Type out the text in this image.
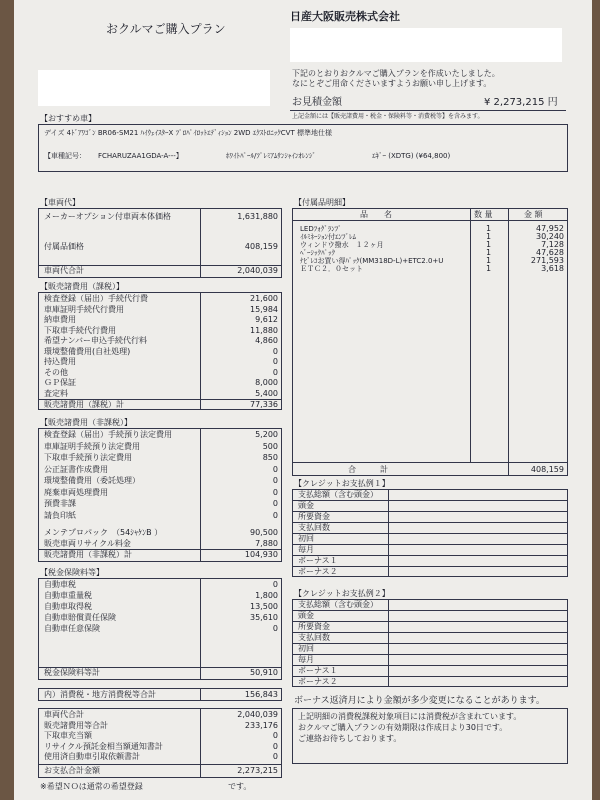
おクルマご購入プラン
日産大阪販売株式会社
下記のとおりおクルマご購入プランを作成いたしました。
なにとぞご用命くださいますようお願い申し上げます。
お見積金額	¥ 2,273,215 円
上記金額には【販売諸費用・税金・保険料等・消費税等】を含みます。
【おすすめ車】
デイズ 4ﾄﾞｱﾜｺﾞﾝ BR06-SM21 ﾊｲｳｪｲｽﾀｰX ﾌﾟﾛﾊﾟｲﾛｯﾄｴﾃﾞｨｼｮﾝ 2WD ｴｸｽﾄﾛﾆｯｸCVT 標準地仕様
【車種記号： FCHARUZAA1GDA-A---】	ﾎﾜｲﾄﾊﾟｰﾙ/ﾌﾟﾚﾐｱﾑｻﾝｼｬｲﾝｵﾚﾝｼﾞ	ｴｷﾞｰ (XDTG) (¥64,800)
【車両代】
メーカーオプション付車両本体価格	1,631,880
付属品価格	408,159
車両代合計	2,040,039
【販売諸費用（課税）】
検査登録（届出）手続代行費	21,600
車庫証明手続代行費用	15,984
納車費用	9,612
下取車手続代行費用	11,880
希望ナンバー申込手続代行料	4,860
環境整備費用(自社処理)	0
持込費用	0
その他	0
ＧＰ保証	8,000
査定料	5,400
販売諸費用（課税）計	77,336
【販売諸費用（非課税）】
検査登録（届出）手続預り法定費用	5,200
車庫証明手続預り法定費用	500
下取車手続預り法定費用	850
公正証書作成費用	0
環境整備費用（委託処理）	0
廃棄車両処理費用	0
預費非課	0
請負印紙	0
メンテプロパック　（54ｼｬｹﾝB ）	90,500
販売車両リサイクル料金	7,880
販売諸費用（非課税）計	104,930
【税金保険料等】
自動車税	0
自動車重量税	1,800
自動車取得税	13,500
自動車賠償責任保険	35,610
自動車任意保険	0
税金保険料等計	50,910
内）消費税・地方消費税等合計	156,843
車両代合計	2,040,039
販売諸費用等合計	233,176
下取車充当額	0
リサイクル預託金相当額通知書計	0
使用済自動車引取依頼書計	0
お支払合計金額	2,273,215
※希望ＮＯは通常の希望登録	です。
【付属品明細】
品　　名	数 量	金 額
LEDﾌｫｸﾞﾗﾝﾌﾟ	1	47,952
ｲﾙﾐﾈｰｼｮﾝ付ｴﾝﾌﾞﾚﾑ	1	30,240
ウィンドウ撥水　１２ヶ月	1	7,128
ﾍﾞｰｼｯｸﾊﾟｯｸ	1	47,628
ﾅﾋﾞﾚｺお買い得ﾊﾟｯｸ(MM318D-L)+ETC2.0+U	1	271,593
ＥＴＣ２．０セット	1	3,618
合　　　計	408,159
【クレジットお支払例１】
支払総額（含む頭金）
頭金
所要資金
支払回数
初回
毎月
ボーナス１
ボーナス２
【クレジットお支払例２】
支払総額（含む頭金）
頭金
所要資金
支払回数
初回
毎月
ボーナス１
ボーナス２
ボーナス返済月により金額が多少変更になることがあります。
上記明細の消費税課税対象項目には消費税が含まれています。
おクルマご購入プランの有効期限は作成日より30日です。
ご連絡お待ちしております。
